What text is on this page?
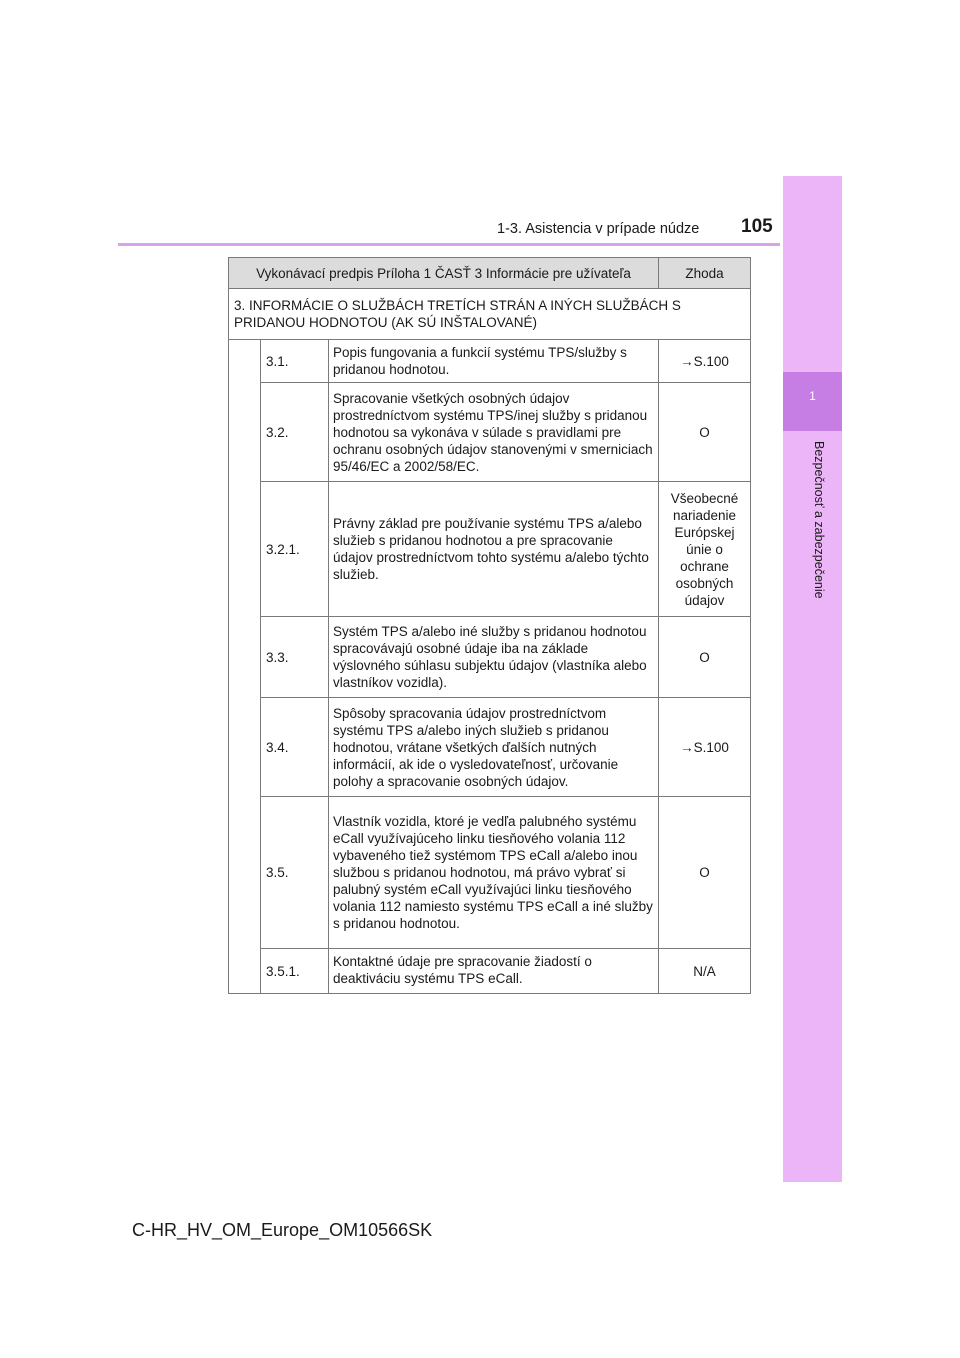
1
Bezpečnosť a zabezpečenie
1-3. Asistencia v prípade núdze 105
Vykonávací predpis Príloha 1 ČASŤ 3 Informácie pre užívateľa			Zhoda
3. INFORMÁCIE O SLUŽBÁCH TRETÍCH STRÁN A INÝCH SLUŽBÁCH S PRIDANOU HODNOTOU (AK SÚ INŠTALOVANÉ)			
	3.1.	Popis fungovania a funkcií systému TPS/služby s pridanou hodnotou.	→S.100
	3.2.	Spracovanie všetkých osobných údajov prostredníctvom systému TPS/inej služby s pridanou hodnotou sa vykonáva v súlade s pravidlami pre ochranu osobných údajov stanovenými v smerniciach 95/46/EC a 2002/58/EC.	O
	3.2.1.	Právny základ pre používanie systému TPS a/alebo služieb s pridanou hodnotou a pre spracovanie údajov prostredníctvom tohto systému a/alebo týchto služieb.	Všeobecné nariadenie Európskej únie o ochrane osobných údajov
	3.3.	Systém TPS a/alebo iné služby s pridanou hodnotou spracovávajú osobné údaje iba na základe výslovného súhlasu subjektu údajov (vlastníka alebo vlastníkov vozidla).	O
	3.4.	Spôsoby spracovania údajov prostredníctvom systému TPS a/alebo iných služieb s pridanou hodnotou, vrátane všetkých ďalších nutných informácií, ak ide o vysledovateľnosť, určovanie polohy a spracovanie osobných údajov.	→S.100
	3.5.	Vlastník vozidla, ktoré je vedľa palubného systému eCall využívajúceho linku tiesňového volania 112 vybaveného tiež systémom TPS eCall a/alebo inou službou s pridanou hodnotou, má právo vybrať si palubný systém eCall využívajúci linku tiesňového volania 112 namiesto systému TPS eCall a iné služby s pridanou hodnotou.	O
	3.5.1.	Kontaktné údaje pre spracovanie žiadostí o deaktiváciu systému TPS eCall.	N/A
C-HR_HV_OM_Europe_OM10566SK
